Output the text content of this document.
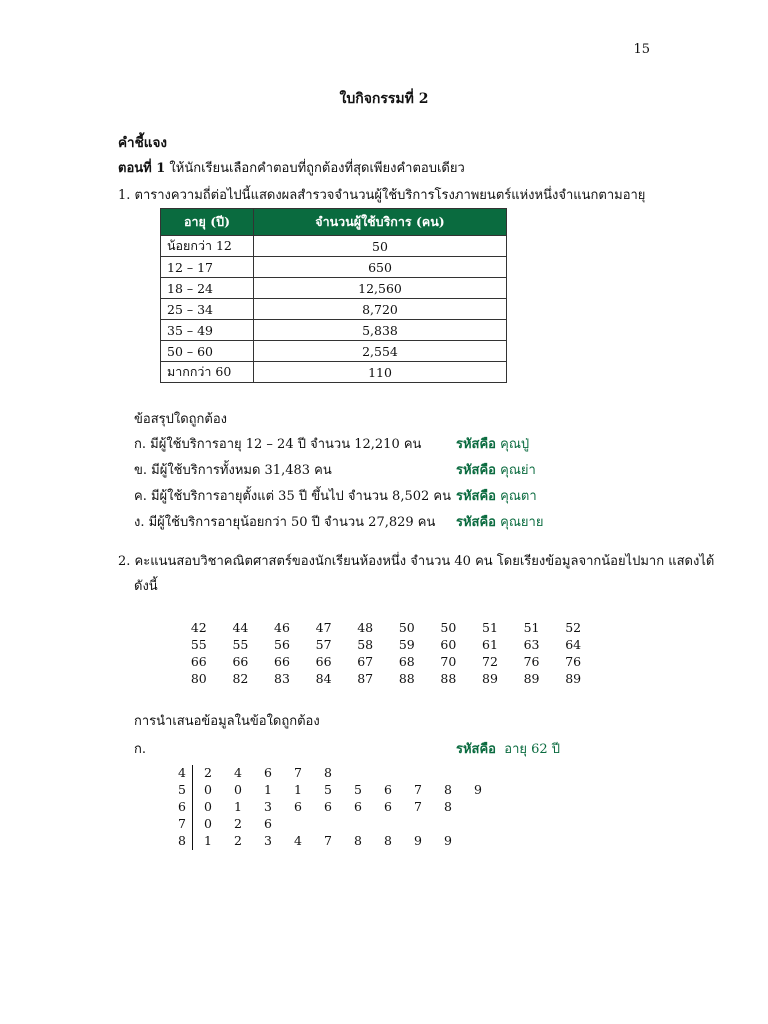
15
ใบกิจกรรมที่ 2
คำชี้แจง
ตอนที่ 1 ให้นักเรียนเลือกคำตอบที่ถูกต้องที่สุดเพียงคำตอบเดียว
1. ตารางความถี่ต่อไปนี้แสดงผลสำรวจจำนวนผู้ใช้บริการโรงภาพยนตร์แห่งหนึ่งจำแนกตามอายุ
อายุ (ปี)	จำนวนผู้ใช้บริการ (คน)
น้อยกว่า 12	50
12 – 17	650
18 – 24	12,560
25 – 34	8,720
35 – 49	5,838
50 – 60	2,554
มากกว่า 60	110
ข้อสรุปใดถูกต้อง
ก. มีผู้ใช้บริการอายุ 12 – 24 ปี จำนวน 12,210 คน	รหัสคือ คุณปู่
ข. มีผู้ใช้บริการทั้งหมด 31,483 คน	รหัสคือ คุณย่า
ค. มีผู้ใช้บริการอายุตั้งแต่ 35 ปี ขึ้นไป จำนวน 8,502 คน รหัสคือ คุณตา
ง. มีผู้ใช้บริการอายุน้อยกว่า 50 ปี จำนวน 27,829 คน รหัสคือ คุณยาย
2. คะแนนสอบวิชาคณิตศาสตร์ของนักเรียนห้องหนึ่ง จำนวน 40 คน โดยเรียงข้อมูลจากน้อยไปมาก แสดงได้
ดังนี้
42	44	46	47	48	50	50	51	51	52
55	55	56	57	58	59	60	61	63	64
66	66	66	66	67	68	70	72	76	76
80	82	83	84	87	88	88	89	89	89
การนำเสนอข้อมูลในข้อใดถูกต้อง
ก.	รหัสคือ อายุ 62 ปี
4	2	4	6	7	8
5	0	0	1	1	5	5	6	7	8	9
6	0	1	3	6	6	6	6	7	8
7	0	2	6
8	1	2	3	4	7	8	8	9	9
